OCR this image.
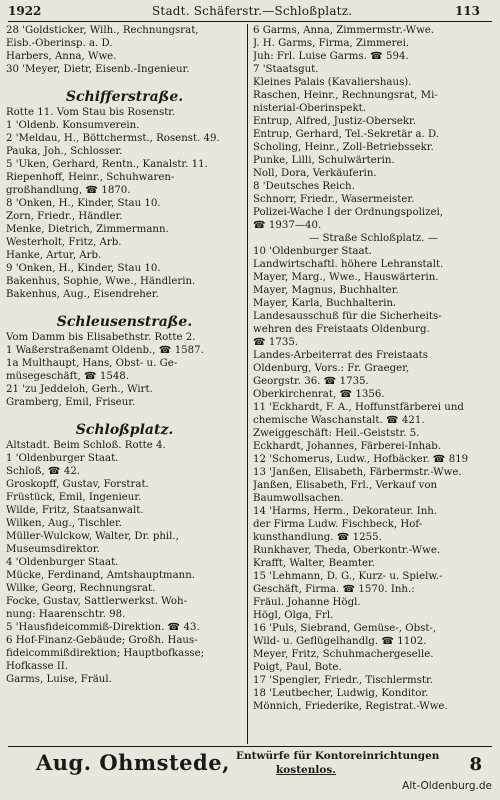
1922	Stadt. Schäferstr.—Schloßplatz.	113
28 'Goldsticker, Wilh., Rechnungsrat,
Eisb.-Oberinsp. a. D.
Harbers, Anna, Wwe.
30 'Meyer, Dietr, Eisenb.-Ingenieur.
Schifferstraße.
Rotte 11. Vom Stau bis Rosenstr.
1 'Oldenb. Konsumverein.
2 'Meldau, H., Böttchermst., Rosenst. 49.
Pauka, Joh., Schlosser.
5 'Uken, Gerhard, Rentn., Kanalstr. 11.
Riepenhoff, Heinr., Schuhwaren-
großhandlung, ☎ 1870.
8 'Onken, H., Kinder, Stau 10.
Zorn, Friedr., Händler.
Menke, Dietrich, Zimmermann.
Westerholt, Fritz, Arb.
Hanke, Artur, Arb.
9 'Onken, H., Kinder, Stau 10.
Bakenhus, Sophie, Wwe., Händlerin.
Bakenhus, Aug., Eisendreher.
Schleusenstraße.
Vom Damm bis Elisabethstr. Rotte 2.
1 Waßerstraßenamt Oldenb., ☎ 1587.
1a Multhaupt, Hans, Obst- u. Ge-
müsegeschäft, ☎ 1548.
21 'zu Jeddeloh, Gerh., Wirt.
Gramberg, Emil, Friseur.
Schloßplatz.
Altstadt. Beim Schloß. Rotte 4.
1 'Oldenburger Staat.
Schloß, ☎ 42.
Groskopff, Gustav, Forstrat.
Früstück, Emil, Ingenieur.
Wilde, Fritz, Staatsanwalt.
Wilken, Aug., Tischler.
Müller-Wulckow, Walter, Dr. phil.,
Museumsdirektor.
4 'Oldenburger Staat.
Mücke, Ferdinand, Amtshauptmann.
Wilke, Georg, Rechnungsrat.
Focke, Gustav, Sattlerwerkst. Woh-
nung: Haarenschtr. 98.
5 'Hausfideicommiß-Direktion. ☎ 43.
6 Hof-Finanz-Gebäude; Großh. Haus-
fideicommißdirektion; Hauptbofkasse;
Hofkasse II.
Garms, Luise, Fräul.
6 Garms, Anna, Zimmermstr.-Wwe.
J. H. Garms, Firma, Zimmerei.
Juh: Frl. Luise Garms. ☎ 594.
7 'Staatsgut.
Kleines Palais (Kavaliershaus).
Raschen, Heinr., Rechnungsrat, Mi-
nisterial-Oberinspekt.
Entrup, Alfred, Justiz-Obersekr.
Entrup, Gerhard, Tel.-Sekretär a. D.
Scholing, Heinr., Zoll-Betriebssekr.
Punke, Lilli, Schulwärterin.
Noll, Dora, Verkäuferin.
8 'Deutsches Reich.
Schnorr, Friedr., Wasermeister.
Polizei-Wache I der Ordnungspolizei,
☎ 1937—40.
— Straße Schloßplatz. —
10 'Oldenburger Staat.
Landwirtschaftl. höhere Lehranstalt.
Mayer, Marg., Wwe., Hauswärterin.
Mayer, Magnus, Buchhalter.
Mayer, Karla, Buchhalterin.
Landesausschuß für die Sicherheits-
wehren des Freistaats Oldenburg.
☎ 1735.
Landes-Arbeiterrat des Freistaats
Oldenburg, Vors.: Fr. Graeger,
Georgstr. 36. ☎ 1735.
Oberkirchenrat, ☎ 1356.
11 'Eckhardt, F. A., Hoffunstfärberei und
chemische Waschanstalt. ☎ 421.
Zweiggeschäft: Heil.-Geiststr. 5.
Eckhardt, Johannes, Färberei-Inhab.
12 'Schomerus, Ludw., Hofbäcker. ☎ 819
13 'Janßen, Elisabeth, Färbermstr.-Wwe.
Janßen, Elisabeth, Frl., Verkauf von
Baumwollsachen.
14 'Harms, Herm., Dekorateur. Inh.
der Firma Ludw. Fischbeck, Hof-
kunsthandlung. ☎ 1255.
Runkhaver, Theda, Oberkontr.-Wwe.
Krafft, Walter, Beamter.
15 'Lehmann, D. G., Kurz- u. Spielw.-
Geschäft, Firma. ☎ 1570. Inh.:
Fräul. Johanne Högl.
Högl, Olga, Frl.
16 'Puls, Siebrand, Gemüse-, Obst-,
Wild- u. Geflügelhandlg. ☎ 1102.
Meyer, Fritz, Schuhmachergeselle.
Poigt, Paul, Bote.
17 'Spengler, Friedr., Tischlermstr.
18 'Leutbecher, Ludwig, Konditor.
Mönnich, Friederike, Registrat.-Wwe.
Aug. Ohmstede, Entwürfe für Kontoreinrichtungen
kostenlos.	8
Alt-Oldenburg.de
